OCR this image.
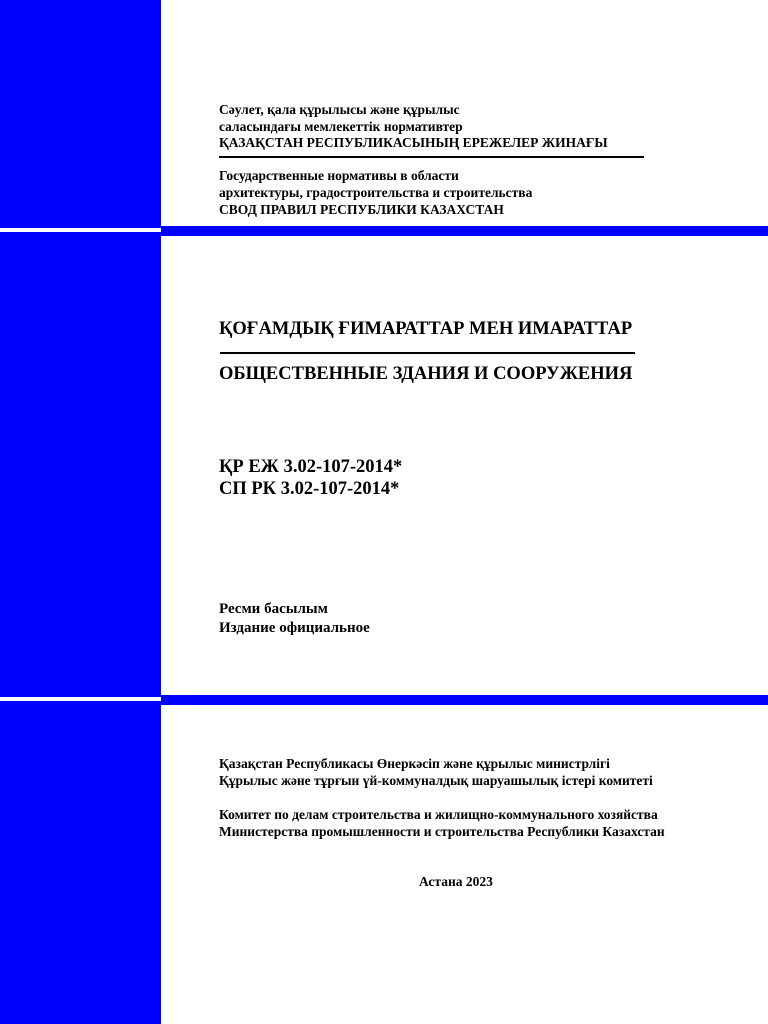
Сәулет, қала құрылысы және құрылыс

саласындағы мемлекеттік нормативтер

ҚАЗАҚСТАН РЕСПУБЛИКАСЫНЫҢ ЕРЕЖЕЛЕР ЖИНАҒЫ

Государственные нормативы в области

архитектуры, градостроительства и строительства

СВОД ПРАВИЛ РЕСПУБЛИКИ КАЗАХСТАН

ҚОҒАМДЫҚ ҒИМАРАТТАР МЕН ИМАРАТТАР

ОБЩЕСТВЕННЫЕ ЗДАНИЯ И СООРУЖЕНИЯ

ҚР ЕЖ 3.02-107-2014*

СП РК 3.02-107-2014*

Ресми басылым

Издание официальное

Қазақстан Республикасы Өнеркәсіп және құрылыс министрлігі

Құрылыс және тұрғын үй-коммуналдық шаруашылық істері комитеті

Комитет по делам строительства и жилищно-коммунального хозяйства

Министерства промышленности и строительства Республики Казахстан

Астана 2023
